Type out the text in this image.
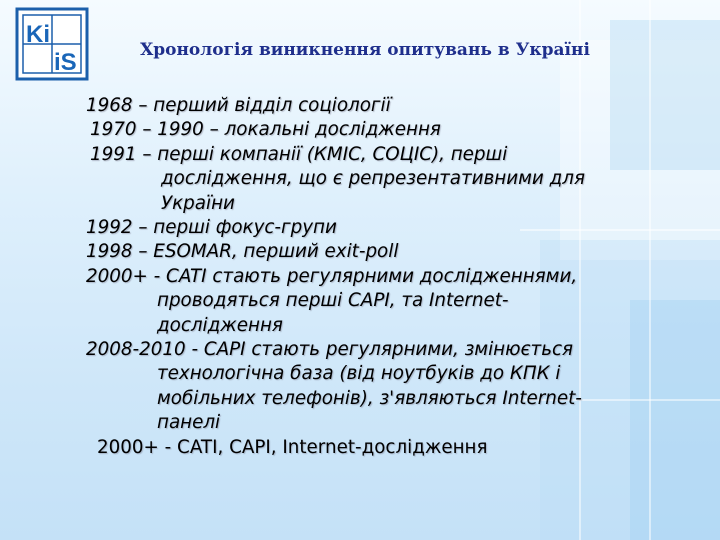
Ki
iS	Хронологія виникнення опитувань в Україні

1968 – перший відділ соціології

1970 – 1990 – локальні дослідження

1991 – перші компанії (КМІС, СОЦІС), перші
дослідження, що є репрезентативними для
України

1992 – перші фокус-групи

1998 – ESOMAR, перший exit-poll

2000+ - CATI стають регулярними дослідженнями,
проводяться перші CAPI, та Internet-
дослідження

2008-2010 - CAPI стають регулярними, змінюється
технологічна база (від ноутбуків до КПК і
мобільних телефонів), з'являються Internet-
панелі

2000+ - CATI, CAPI, Internet-дослідження
